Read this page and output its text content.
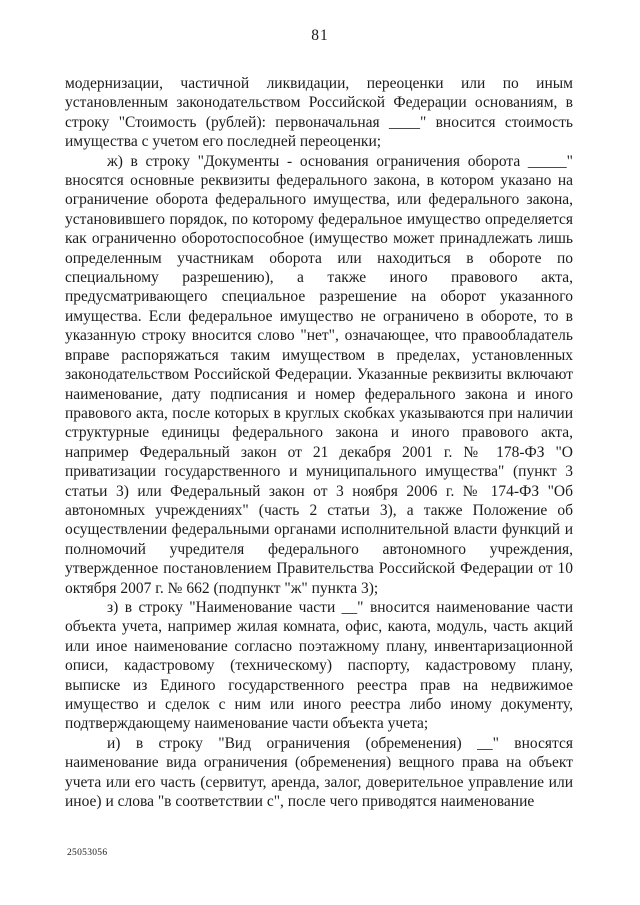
81

модернизации, частичной ликвидации, переоценки или по иным установленным законодательством Российской Федерации основаниям, в строку "Стоимость (рублей): первоначальная ____" вносится стоимость имущества с учетом его последней переоценки;

ж) в строку "Документы - основания ограничения оборота _____" вносятся основные реквизиты федерального закона, в котором указано на ограничение оборота федерального имущества, или федерального закона, установившего порядок, по которому федеральное имущество определяется как ограниченно оборотоспособное (имущество может принадлежать лишь определенным участникам оборота или находиться в обороте по специальному разрешению), а также иного правового акта, предусматривающего специальное разрешение на оборот указанного имущества. Если федеральное имущество не ограничено в обороте, то в указанную строку вносится слово "нет", означающее, что правообладатель вправе распоряжаться таким имуществом в пределах, установленных законодательством Российской Федерации. Указанные реквизиты включают наименование, дату подписания и номер федерального закона и иного правового акта, после которых в круглых скобках указываются при наличии структурные единицы федерального закона и иного правового акта, например Федеральный закон от 21 декабря 2001 г. № 178-ФЗ "О приватизации государственного и муниципального имущества" (пункт 3 статьи 3) или Федеральный закон от 3 ноября 2006 г. № 174-ФЗ "Об автономных учреждениях" (часть 2 статьи 3), а также Положение об осуществлении федеральными органами исполнительной власти функций и полномочий учредителя федерального автономного учреждения, утвержденное постановлением Правительства Российской Федерации от 10 октября 2007 г. № 662 (подпункт "ж" пункта 3);

з) в строку "Наименование части __" вносится наименование части объекта учета, например жилая комната, офис, каюта, модуль, часть акций или иное наименование согласно поэтажному плану, инвентаризационной описи, кадастровому (техническому) паспорту, кадастровому плану, выписке из Единого государственного реестра прав на недвижимое имущество и сделок с ним или иного реестра либо иному документу, подтверждающему наименование части объекта учета;

и) в строку "Вид ограничения (обременения) __" вносятся наименование вида ограничения (обременения) вещного права на объект учета или его часть (сервитут, аренда, залог, доверительное управление или иное) и слова "в соответствии с", после чего приводятся наименование

25053056
